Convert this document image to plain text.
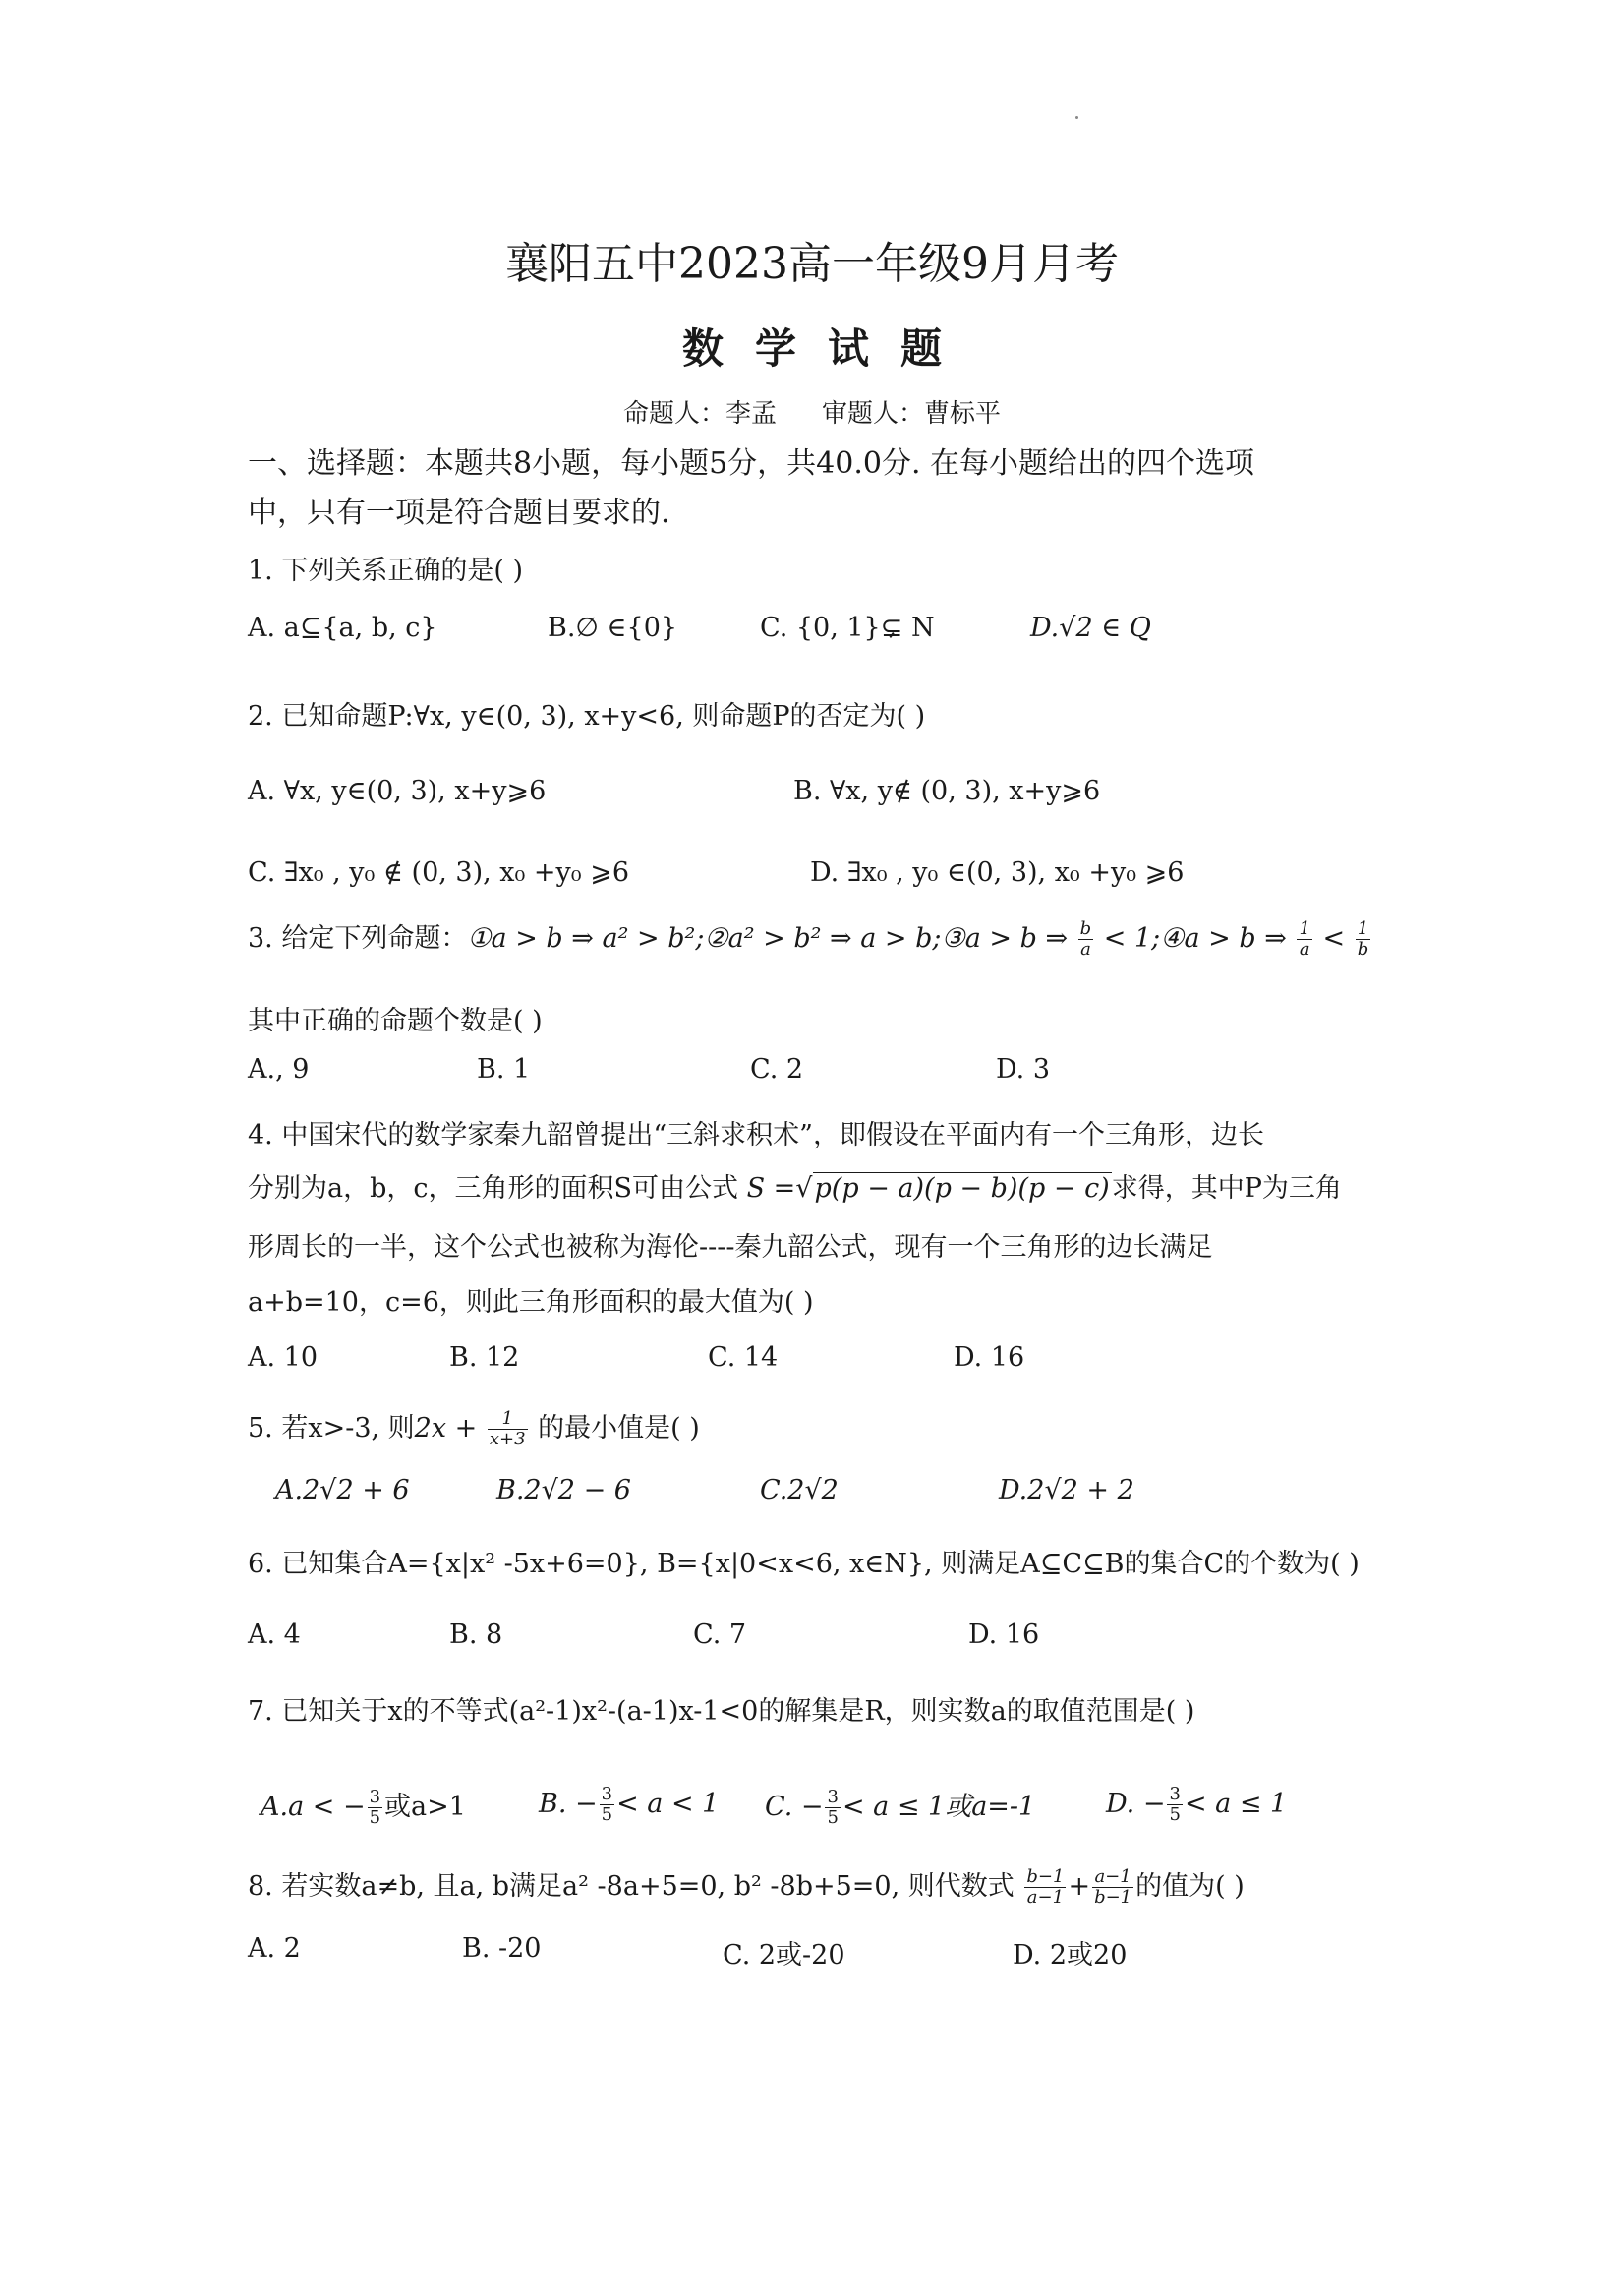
襄阳五中2023高一年级9月月考
数学试题
命题人：李孟 审题人：曹标平
一、选择题：本题共8小题，每小题5分，共40.0分. 在每小题给出的四个选项
中，只有一项是符合题目要求的.
1. 下列关系正确的是( )
A. a⊆{a, b, c}	B.∅ ∈{0}	C. {0, 1}⊊ N	D.√2 ∈ Q
2. 已知命题P:∀x, y∈(0, 3), x+y<6, 则命题P的否定为( )
A. ∀x, y∈(0, 3), x+y⩾6	B. ∀x, y∉ (0, 3), x+y⩾6
C. ∃x₀ , y₀ ∉ (0, 3), x₀ +y₀ ⩾6	D. ∃x₀ , y₀ ∈(0, 3), x₀ +y₀ ⩾6
3. 给定下列命题：①a > b ⇒ a² > b²;②a² > b² ⇒ a > b;③a > b ⇒ $\frac{b}{a}$ < 1;④a > b ⇒ $\frac{1}{a} < \frac{1}{b}$
其中正确的命题个数是( )
A., 9	B. 1	C. 2	D. 3
4. 中国宋代的数学家秦九韶曾提出“三斜求积术”，即假设在平面内有一个三角形，边长
分别为a，b，c，三角形的面积S可由公式 S =√p(p − a)(p − b)(p − c)求得，其中P为三角
形周长的一半，这个公式也被称为海伦----秦九韶公式，现有一个三角形的边长满足
a+b=10，c=6，则此三角形面积的最大值为( )
A. 10	B. 12	C. 14	D. 16
5. 若x>-3, 则$2x + \frac{1}{x+3}$ 的最小值是( )
A.2√2 + 6	B.2√2 − 6	C.2√2	D.2√2 + 2
6. 已知集合A={x|x² -5x+6=0}, B={x|0<x<6, x∈N}, 则满足A⊆C⊆B的集合C的个数为( )
A. 4	B. 8	C. 7	D. 16
7. 已知关于x的不等式(a²-1)x²-(a-1)x-1<0的解集是R，则实数a的取值范围是( )
A.a < − $\frac{3}{5}$ 或a>1	B. − $\frac{3}{5} < a < 1$ C. − $\frac{3}{5} < a \le 1$或a=-1	D. − $\frac{3}{5} < a \le 1$
8. 若实数a≠b, 且a, b满足a² -8a+5=0, b² -8b+5=0, 则代数式 $\frac{b-1}{a-1} + \frac{a-1}{b-1}$ 的值为( )
A. 2	B. -20	C. 2或-20	D. 2或20
